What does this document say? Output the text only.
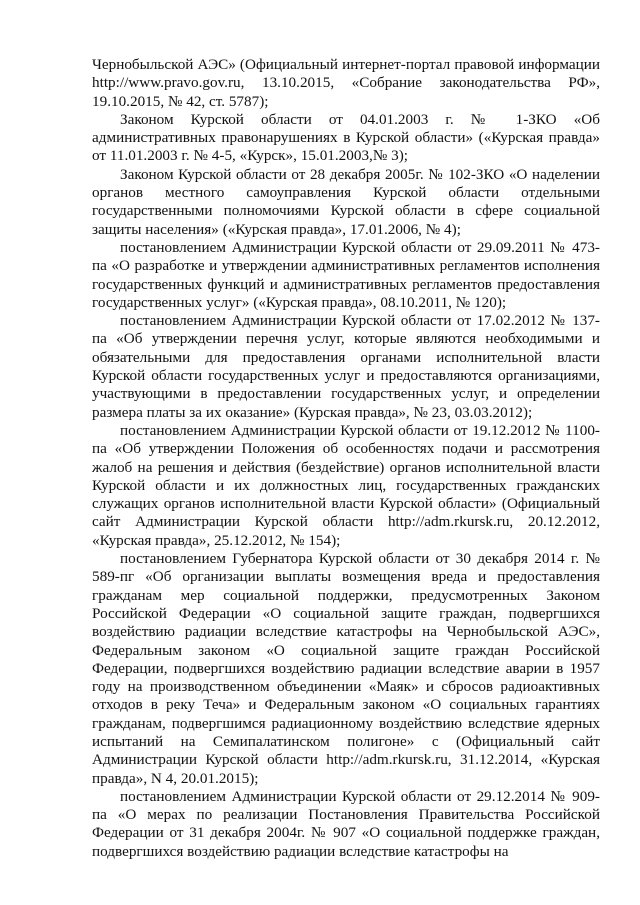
Чернобыльской АЭС» (Официальный интернет-портал правовой информации http://www.pravo.gov.ru, 13.10.2015, «Собрание законодательства РФ», 19.10.2015, № 42, ст. 5787);

Законом Курской области от 04.01.2003 г. № 1-ЗКО «Об административных правонарушениях в Курской области» («Курская правда» от 11.01.2003 г. № 4-5, «Курск», 15.01.2003,№ 3);

Законом Курской области от 28 декабря 2005г. № 102-ЗКО «О наделении органов местного самоуправления Курской области отдельными государственными полномочиями Курской области в сфере социальной защиты населения» («Курская правда», 17.01.2006, № 4);

постановлением Администрации Курской области от 29.09.2011 № 473-па «О разработке и утверждении административных регламентов исполнения государственных функций и административных регламентов предоставления государственных услуг» («Курская правда», 08.10.2011, № 120);

постановлением Администрации Курской области от 17.02.2012 № 137-па «Об утверждении перечня услуг, которые являются необходимыми и обязательными для предоставления органами исполнительной власти Курской области государственных услуг и предоставляются организациями, участвующими в предоставлении государственных услуг, и определении размера платы за их оказание» (Курская правда», № 23, 03.03.2012);

постановлением Администрации Курской области от 19.12.2012 № 1100-па «Об утверждении Положения об особенностях подачи и рассмотрения жалоб на решения и действия (бездействие) органов исполнительной власти Курской области и их должностных лиц, государственных гражданских служащих органов исполнительной власти Курской области» (Официальный сайт Администрации Курской области http://adm.rkursk.ru, 20.12.2012, «Курская правда», 25.12.2012, № 154);

постановлением Губернатора Курской области от 30 декабря 2014 г. № 589-пг «Об организации выплаты возмещения вреда и предоставления гражданам мер социальной поддержки, предусмотренных Законом Российской Федерации «О социальной защите граждан, подвергшихся воздействию радиации вследствие катастрофы на Чернобыльской АЭС», Федеральным законом «О социальной защите граждан Российской Федерации, подвергшихся воздействию радиации вследствие аварии в 1957 году на производственном объединении «Маяк» и сбросов радиоактивных отходов в реку Теча» и Федеральным законом «О социальных гарантиях гражданам, подвергшимся радиационному воздействию вследствие ядерных испытаний на Семипалатинском полигоне» с (Официальный сайт Администрации Курской области http://adm.rkursk.ru, 31.12.2014, «Курская правда», N 4, 20.01.2015);

постановлением Администрации Курской области от 29.12.2014 № 909-па «О мерах по реализации Постановления Правительства Российской Федерации от 31 декабря 2004г. № 907 «О социальной поддержке граждан, подвергшихся воздействию радиации вследствие катастрофы на
